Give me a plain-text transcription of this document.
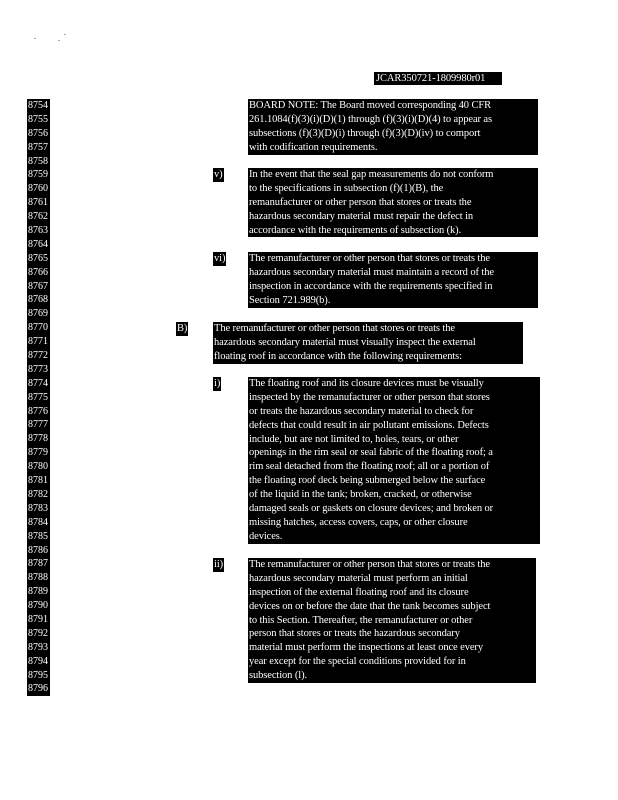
JCAR350721-1809980r01
8754
8755
8756
8757
8758
8759
8760
8761
8762
8763
8764
8765
8766
8767
8768
8769
8770
8771
8772
8773
8774
8775
8776
8777
8778
8779
8780
8781
8782
8783
8784
8785
8786
8787
8788
8789
8790
8791
8792
8793
8794
8795
8796
BOARD NOTE: The Board moved corresponding 40 CFR
261.1084(f)(3)(i)(D)(1) through (f)(3)(i)(D)(4) to appear as
subsections (f)(3)(D)(i) through (f)(3)(D)(iv) to comport
with codification requirements.
v)	In the event that the seal gap measurements do not conform
to the specifications in subsection (f)(1)(B), the
remanufacturer or other person that stores or treats the
hazardous secondary material must repair the defect in
accordance with the requirements of subsection (k).
vi) The remanufacturer or other person that stores or treats the
hazardous secondary material must maintain a record of the
inspection in accordance with the requirements specified in
Section 721.989(b).
B)	The remanufacturer or other person that stores or treats the
hazardous secondary material must visually inspect the external
floating roof in accordance with the following requirements:
i)	The floating roof and its closure devices must be visually
inspected by the remanufacturer or other person that stores
or treats the hazardous secondary material to check for
defects that could result in air pollutant emissions. Defects
include, but are not limited to, holes, tears, or other
openings in the rim seal or seal fabric of the floating roof; a
rim seal detached from the floating roof; all or a portion of
the floating roof deck being submerged below the surface
of the liquid in the tank; broken, cracked, or otherwise
damaged seals or gaskets on closure devices; and broken or
missing hatches, access covers, caps, or other closure
devices.
ii) The remanufacturer or other person that stores or treats the
hazardous secondary material must perform an initial
inspection of the external floating roof and its closure
devices on or before the date that the tank becomes subject
to this Section. Thereafter, the remanufacturer or other
person that stores or treats the hazardous secondary
material must perform the inspections at least once every
year except for the special conditions provided for in
subsection (l).
